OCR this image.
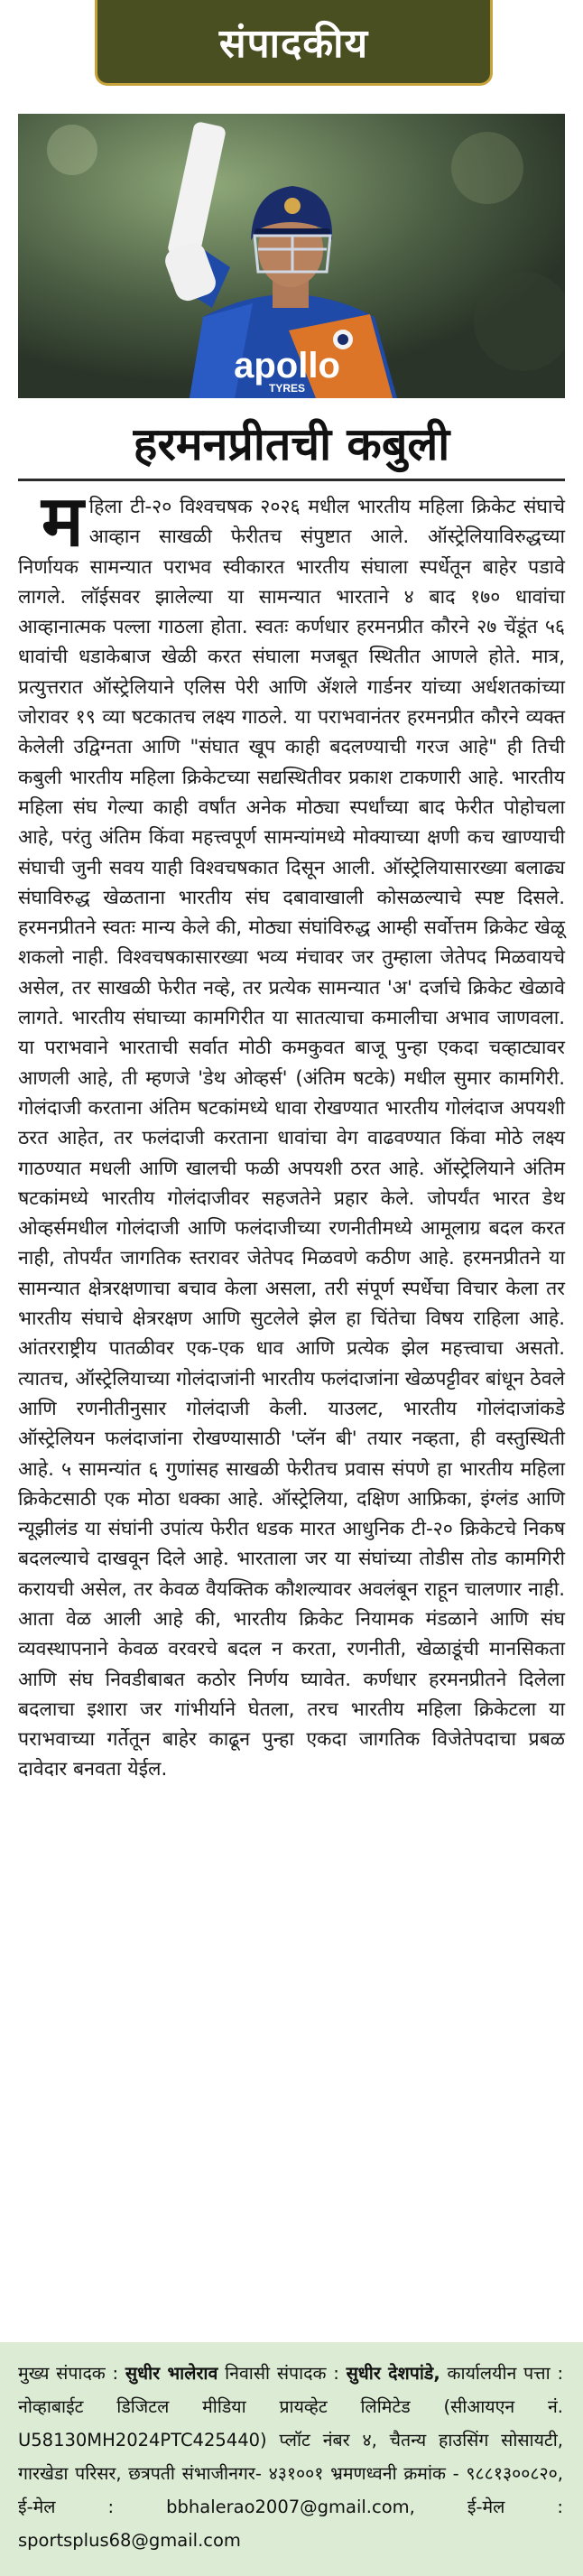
संपादकीय
apollo
TYRES
हरमनप्रीतची कबुली
म हिला टी-२० विश्वचषक २०२६ मधील भारतीय महिला क्रिकेट संघाचे आव्हान साखळी फेरीतच संपुष्टात आले. ऑस्ट्रेलियाविरुद्धच्या निर्णायक सामन्यात पराभव स्वीकारत भारतीय संघाला स्पर्धेतून बाहेर पडावे लागले. लॉईसवर झालेल्या या सामन्यात भारताने ४ बाद १७० धावांचा आव्हानात्मक पल्ला गाठला होता. स्वतः कर्णधार हरमनप्रीत कौरने २७ चेंडूंत ५६ धावांची धडाकेबाज खेळी करत संघाला मजबूत स्थितीत आणले होते. मात्र, प्रत्युत्तरात ऑस्ट्रेलियाने एलिस पेरी आणि ॲशले गार्डनर यांच्या अर्धशतकांच्या जोरावर १९ व्या षटकातच लक्ष्य गाठले. या पराभवानंतर हरमनप्रीत कौरने व्यक्त केलेली उद्विग्नता आणि "संघात खूप काही बदलण्याची गरज आहे" ही तिची कबुली भारतीय महिला क्रिकेटच्या सद्यस्थितीवर प्रकाश टाकणारी आहे. भारतीय महिला संघ गेल्या काही वर्षांत अनेक मोठ्या स्पर्धांच्या बाद फेरीत पोहोचला आहे, परंतु अंतिम किंवा महत्त्वपूर्ण सामन्यांमध्ये मोक्याच्या क्षणी कच खाण्याची संघाची जुनी सवय याही विश्वचषकात दिसून आली. ऑस्ट्रेलियासारख्या बलाढ्य संघाविरुद्ध खेळताना भारतीय संघ दबावाखाली कोसळल्याचे स्पष्ट दिसले. हरमनप्रीतने स्वतः मान्य केले की, मोठ्या संघांविरुद्ध आम्ही सर्वोत्तम क्रिकेट खेळू शकलो नाही. विश्वचषकासारख्या भव्य मंचावर जर तुम्हाला जेतेपद मिळवायचे असेल, तर साखळी फेरीत नव्हे, तर प्रत्येक सामन्यात 'अ' दर्जाचे क्रिकेट खेळावे लागते. भारतीय संघाच्या कामगिरीत या सातत्याचा कमालीचा अभाव जाणवला. या पराभवाने भारताची सर्वात मोठी कमकुवत बाजू पुन्हा एकदा चव्हाट्यावर आणली आहे, ती म्हणजे 'डेथ ओव्हर्स' (अंतिम षटके) मधील सुमार कामगिरी. गोलंदाजी करताना अंतिम षटकांमध्ये धावा रोखण्यात भारतीय गोलंदाज अपयशी ठरत आहेत, तर फलंदाजी करताना धावांचा वेग वाढवण्यात किंवा मोठे लक्ष्य गाठण्यात मधली आणि खालची फळी अपयशी ठरत आहे. ऑस्ट्रेलियाने अंतिम षटकांमध्ये भारतीय गोलंदाजीवर सहजतेने प्रहार केले. जोपर्यंत भारत डेथ ओव्हर्समधील गोलंदाजी आणि फलंदाजीच्या रणनीतीमध्ये आमूलाग्र बदल करत नाही, तोपर्यंत जागतिक स्तरावर जेतेपद मिळवणे कठीण आहे. हरमनप्रीतने या सामन्यात क्षेत्ररक्षणाचा बचाव केला असला, तरी संपूर्ण स्पर्धेचा विचार केला तर भारतीय संघाचे क्षेत्ररक्षण आणि सुटलेले झेल हा चिंतेचा विषय राहिला आहे. आंतरराष्ट्रीय पातळीवर एक-एक धाव आणि प्रत्येक झेल महत्त्वाचा असतो. त्यातच, ऑस्ट्रेलियाच्या गोलंदाजांनी भारतीय फलंदाजांना खेळपट्टीवर बांधून ठेवले आणि रणनीतीनुसार गोलंदाजी केली. याउलट, भारतीय गोलंदाजांकडे ऑस्ट्रेलियन फलंदाजांना रोखण्यासाठी 'प्लॅन बी' तयार नव्हता, ही वस्तुस्थिती आहे. ५ सामन्यांत ६ गुणांसह साखळी फेरीतच प्रवास संपणे हा भारतीय महिला क्रिकेटसाठी एक मोठा धक्का आहे. ऑस्ट्रेलिया, दक्षिण आफ्रिका, इंग्लंड आणि न्यूझीलंड या संघांनी उपांत्य फेरीत धडक मारत आधुनिक टी-२० क्रिकेटचे निकष बदलल्याचे दाखवून दिले आहे. भारताला जर या संघांच्या तोडीस तोड कामगिरी करायची असेल, तर केवळ वैयक्तिक कौशल्यावर अवलंबून राहून चालणार नाही. आता वेळ आली आहे की, भारतीय क्रिकेट नियामक मंडळाने आणि संघ व्यवस्थापनाने केवळ वरवरचे बदल न करता, रणनीती, खेळाडूंची मानसिकता आणि संघ निवडीबाबत कठोर निर्णय घ्यावेत. कर्णधार हरमनप्रीतने दिलेला बदलाचा इशारा जर गांभीर्याने घेतला, तरच भारतीय महिला क्रिकेटला या पराभवाच्या गर्तेतून बाहेर काढून पुन्हा एकदा जागतिक विजेतेपदाचा प्रबळ दावेदार बनवता येईल.
मुख्य संपादक : सुधीर भालेराव निवासी संपादक : सुधीर देशपांडे, कार्यालयीन पत्ता : नोव्हाबाईट डिजिटल मीडिया प्रायव्हेट लिमिटेड (सीआयएन नं. U58130MH2024PTC425440) प्लॉट नंबर ४, चैतन्य हाउसिंग सोसायटी, गारखेडा परिसर, छत्रपती संभाजीनगर- ४३१००१ भ्रमणध्वनी क्रमांक - ९८८१३००८२०, ई-मेल : bbhalerao2007@gmail.com, ई-मेल : sportsplus68@gmail.com
